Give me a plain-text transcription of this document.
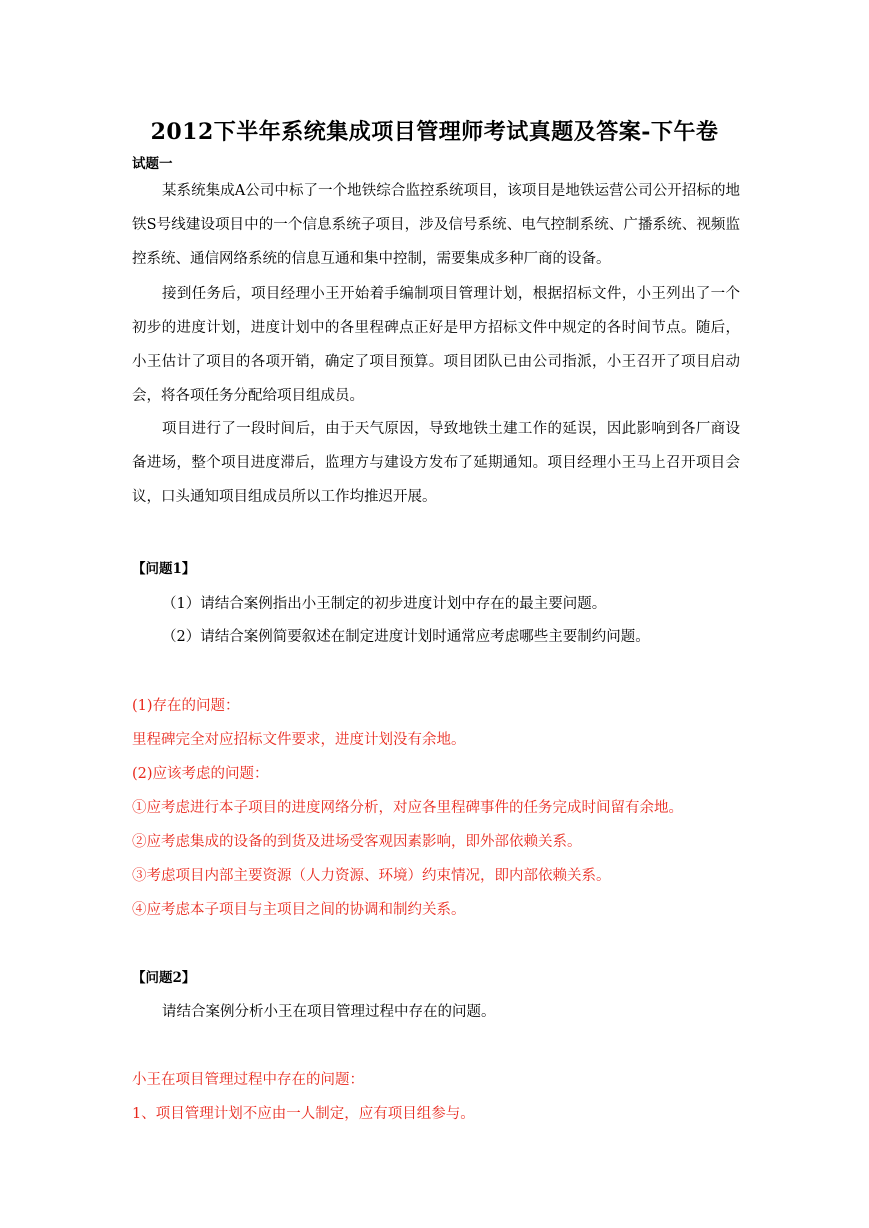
2012下半年系统集成项目管理师考试真题及答案-下午卷
试题一

某系统集成A公司中标了一个地铁综合监控系统项目，该项目是地铁运营公司公开招标的地铁S号线建设项目中的一个信息系统子项目，涉及信号系统、电气控制系统、广播系统、视频监控系统、通信网络系统的信息互通和集中控制，需要集成多种厂商的设备。

接到任务后，项目经理小王开始着手编制项目管理计划，根据招标文件，小王列出了一个初步的进度计划，进度计划中的各里程碑点正好是甲方招标文件中规定的各时间节点。随后，小王估计了项目的各项开销，确定了项目预算。项目团队已由公司指派，小王召开了项目启动会，将各项任务分配给项目组成员。

项目进行了一段时间后，由于天气原因，导致地铁土建工作的延误，因此影响到各厂商设备进场，整个项目进度滞后，监理方与建设方发布了延期通知。项目经理小王马上召开项目会议，口头通知项目组成员所以工作均推迟开展。

【问题1】

（1）请结合案例指出小王制定的初步进度计划中存在的最主要问题。

（2）请结合案例简要叙述在制定进度计划时通常应考虑哪些主要制约问题。

(1)存在的问题：

里程碑完全对应招标文件要求，进度计划没有余地。

(2)应该考虑的问题：

①应考虑进行本子项目的进度网络分析，对应各里程碑事件的任务完成时间留有余地。

②应考虑集成的设备的到货及进场受客观因素影响，即外部依赖关系。

③考虑项目内部主要资源（人力资源、环境）约束情况，即内部依赖关系。

④应考虑本子项目与主项目之间的协调和制约关系。

【问题2】

请结合案例分析小王在项目管理过程中存在的问题。

小王在项目管理过程中存在的问题：

1、项目管理计划不应由一人制定，应有项目组参与。
